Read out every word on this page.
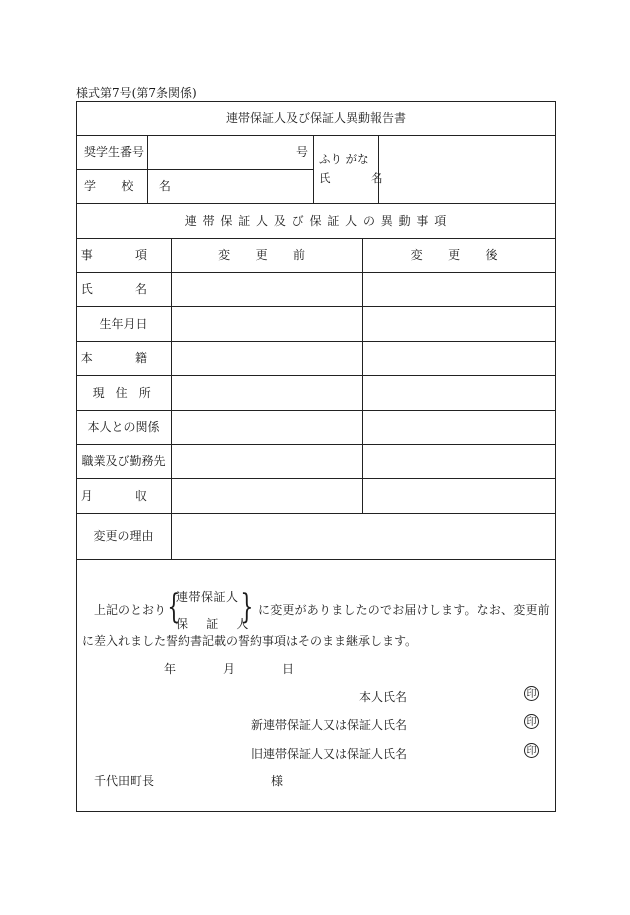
様式第7号(第7条関係)
連帯保証人及び保証人異動報告書
奨学生番号	号
学 校 名
ふり がな
氏 名
連 帯 保 証 人 及 び 保 証 人 の 異 動 事 項
事 項	変 更 前	変 更 後
氏 名
生年月日
本 籍
現 住 所
本人との関係
職業及び勤務先
月 収
変更の理由
上記のとおり {
連帯保証人
保 証 人
} に変更がありましたのでお届けします。なお、変更前
に差入れました誓約書記載の誓約事項はそのまま継承します。
年 月 日
本人氏名	印
新連帯保証人又は保証人氏名	印
旧連帯保証人又は保証人氏名	印
千代田町長	様
